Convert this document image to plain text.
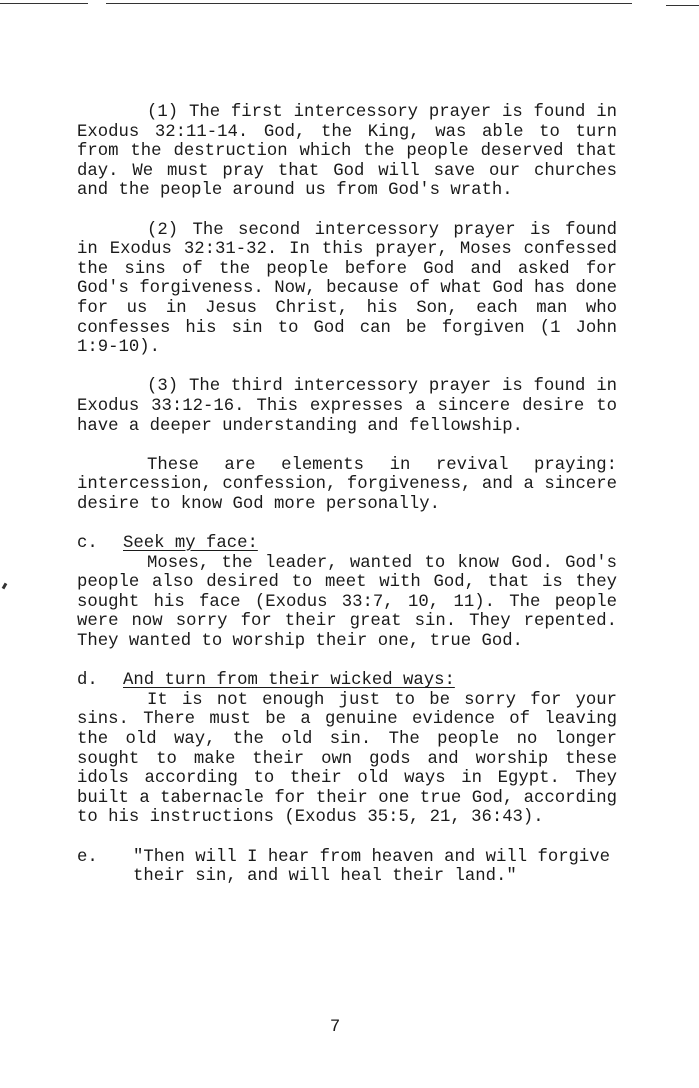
(1) The first intercessory prayer is found in Exodus 32:11-14. God, the King, was able to turn from the destruction which the people deserved that day. We must pray that God will save our churches and the people around us from God's wrath.

(2) The second intercessory prayer is found in Exodus 32:31-32. In this prayer, Moses confessed the sins of the people before God and asked for God's forgiveness. Now, because of what God has done for us in Jesus Christ, his Son, each man who confesses his sin to God can be forgiven (1 John 1:9-10).

(3) The third intercessory prayer is found in Exodus 33:12-16. This expresses a sincere desire to have a deeper understanding and fellowship.

These are elements in revival praying: intercession, confession, forgiveness, and a sincere desire to know God more personally.

c. Seek my face:

Moses, the leader, wanted to know God. God's people also desired to meet with God, that is they sought his face (Exodus 33:7, 10, 11). The people were now sorry for their great sin. They repented. They wanted to worship their one, true God.

d. And turn from their wicked ways:

It is not enough just to be sorry for your sins. There must be a genuine evidence of leaving the old way, the old sin. The people no longer sought to make their own gods and worship these idols according to their old ways in Egypt. They built a tabernacle for their one true God, according to his instructions (Exodus 35:5, 21, 36:43).

e. "Then will I hear from heaven and will forgive their sin, and will heal their land."

7
